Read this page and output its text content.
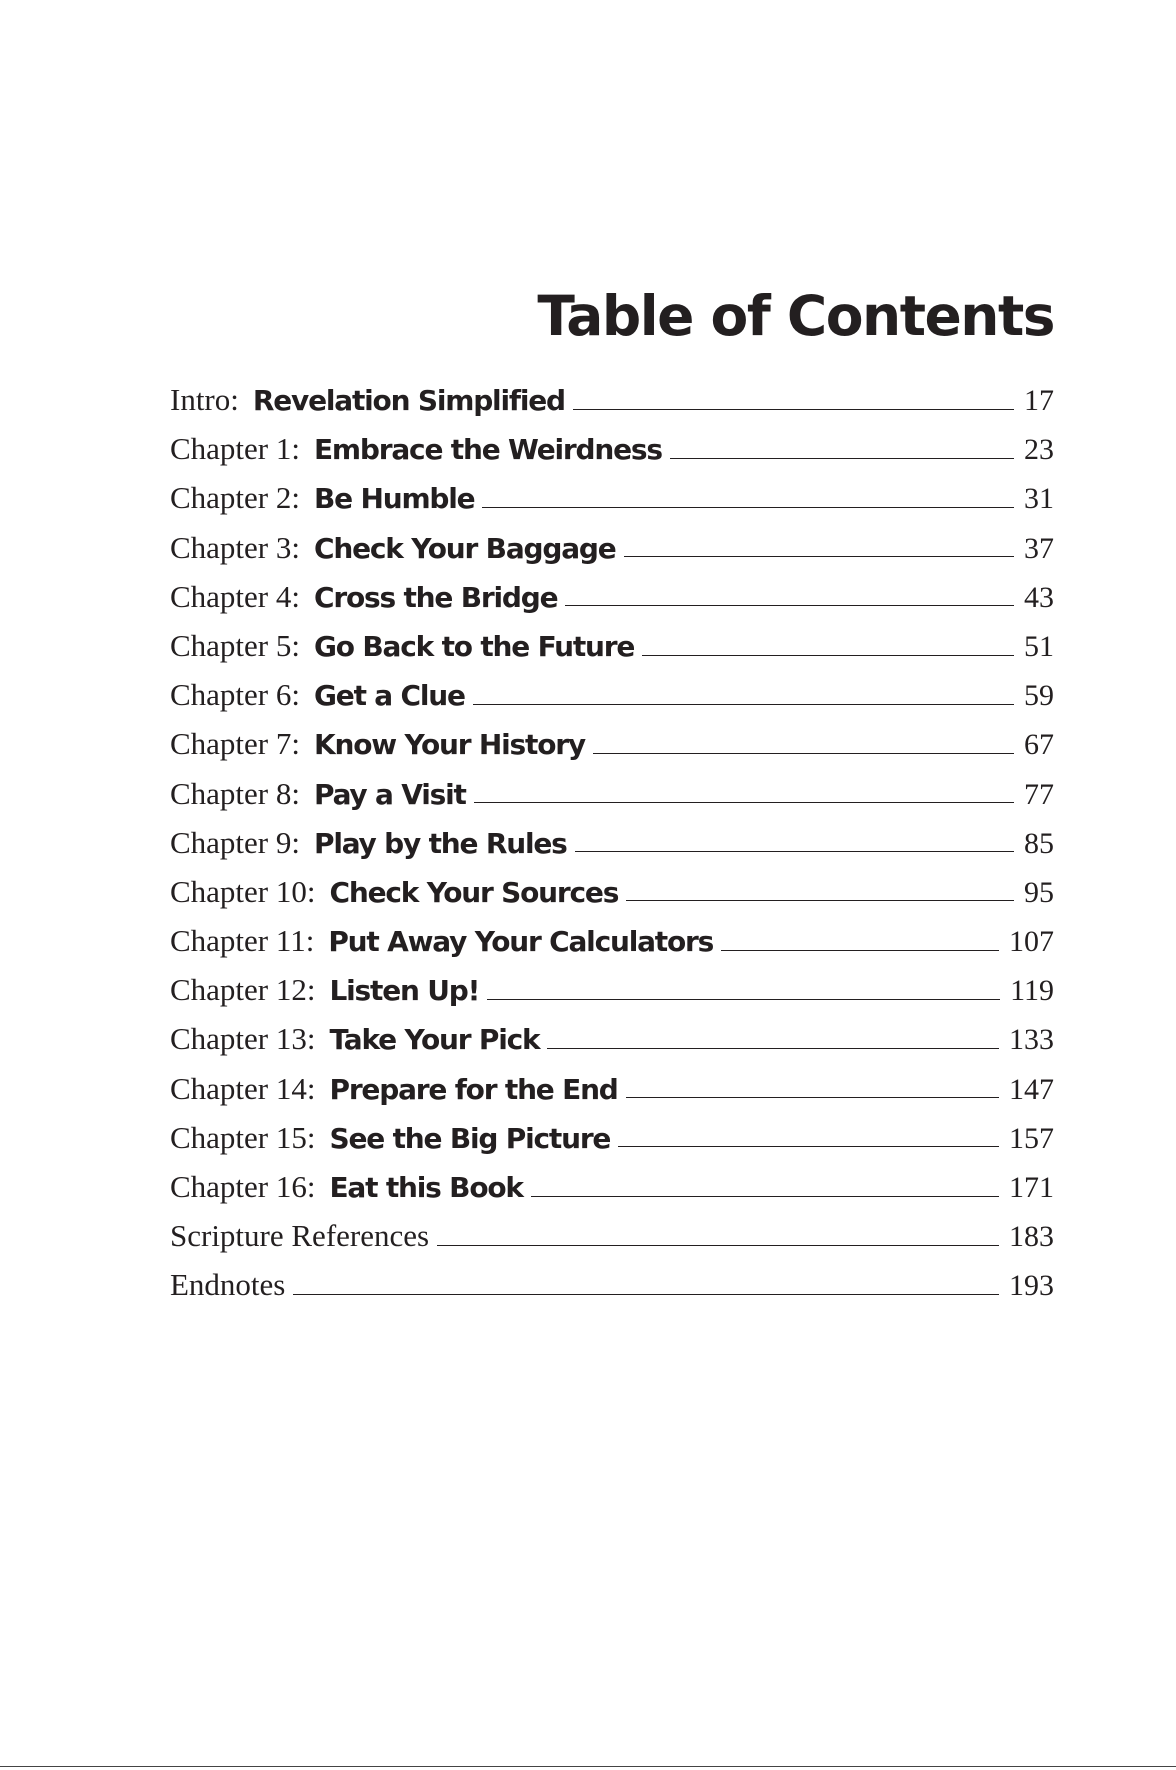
Table of Contents
Intro: Revelation Simplified	17
Chapter 1: Embrace the Weirdness	23
Chapter 2: Be Humble	31
Chapter 3: Check Your Baggage	37
Chapter 4: Cross the Bridge	43
Chapter 5: Go Back to the Future	51
Chapter 6: Get a Clue	59
Chapter 7: Know Your History	67
Chapter 8: Pay a Visit	77
Chapter 9: Play by the Rules	85
Chapter 10: Check Your Sources	95
Chapter 11: Put Away Your Calculators	107
Chapter 12: Listen Up!	119
Chapter 13: Take Your Pick	133
Chapter 14: Prepare for the End	147
Chapter 15: See the Big Picture	157
Chapter 16: Eat this Book	171
Scripture References	183
Endnotes	193
